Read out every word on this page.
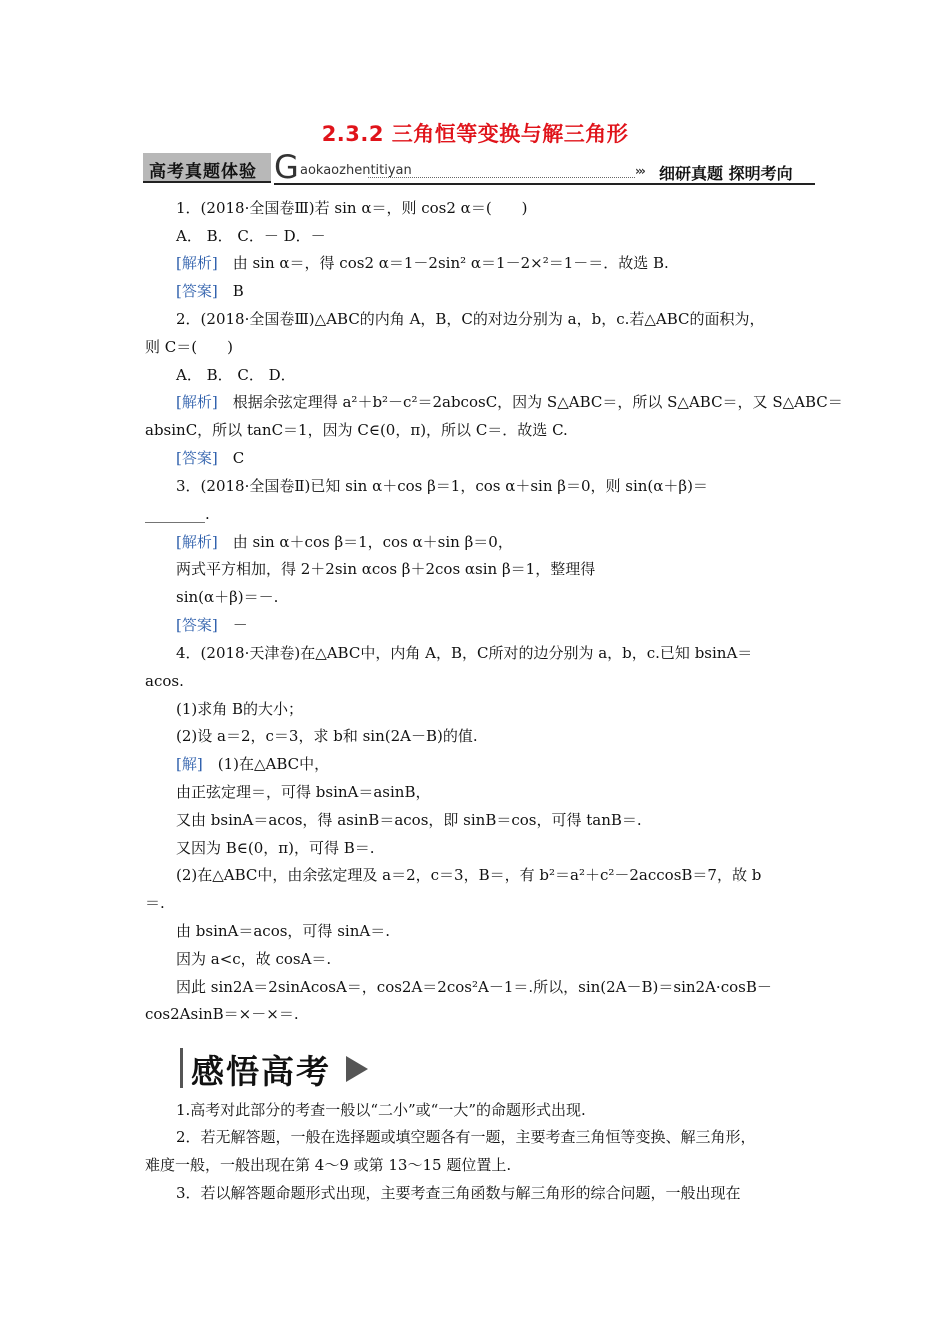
2.3.2 三角恒等变换与解三角形
高考真题体验 G aokaozhentitiyan	››› 细研真题 探明考向
1．(2018·全国卷Ⅲ)若 sin α＝，则 cos2 α＝(　　)
A． B． C．－ D．－
[解析]　由 sin α＝，得 cos2 α＝1－2sin² α＝1－2×²＝1－＝．故选 B.
[答案]　B
2．(2018·全国卷Ⅲ)△ABC的内角 A，B，C的对边分别为 a，b，c.若△ABC的面积为，
则 C＝(　　)
A． B． C． D．
[解析]　根据余弦定理得 a²＋b²－c²＝2abcosC，因为 S△ABC＝，所以 S△ABC＝，又 S△ABC＝
absinC，所以 tanC＝1，因为 C∈(0，π)，所以 C＝．故选 C.
[答案]　C
3．(2018·全国卷Ⅱ)已知 sin α＋cos β＝1，cos α＋sin β＝0，则 sin(α＋β)＝
________.
[解析]　由 sin α＋cos β＝1，cos α＋sin β＝0，
两式平方相加，得 2＋2sin αcos β＋2cos αsin β＝1，整理得
sin(α＋β)＝－.
[答案]　－
4．(2018·天津卷)在△ABC中，内角 A，B，C所对的边分别为 a，b，c.已知 bsinA＝
acos.
(1)求角 B的大小；
(2)设 a＝2，c＝3，求 b和 sin(2A－B)的值.
[解]　(1)在△ABC中，
由正弦定理＝，可得 bsinA＝asinB，
又由 bsinA＝acos，得 asinB＝acos，即 sinB＝cos，可得 tanB＝.
又因为 B∈(0，π)，可得 B＝.
(2)在△ABC中，由余弦定理及 a＝2，c＝3，B＝，有 b²＝a²＋c²－2accosB＝7，故 b
＝.
由 bsinA＝acos，可得 sinA＝.
因为 a<c，故 cosA＝.
因此 sin2A＝2sinAcosA＝，cos2A＝2cos²A－1＝.所以，sin(2A－B)＝sin2A·cosB－
cos2AsinB＝×－×＝.
感悟高考
1.高考对此部分的考查一般以“二小”或“一大”的命题形式出现.
2．若无解答题，一般在选择题或填空题各有一题，主要考查三角恒等变换、解三角形，
难度一般，一般出现在第 4～9 或第 13～15 题位置上.
3．若以解答题命题形式出现，主要考查三角函数与解三角形的综合问题，一般出现在
